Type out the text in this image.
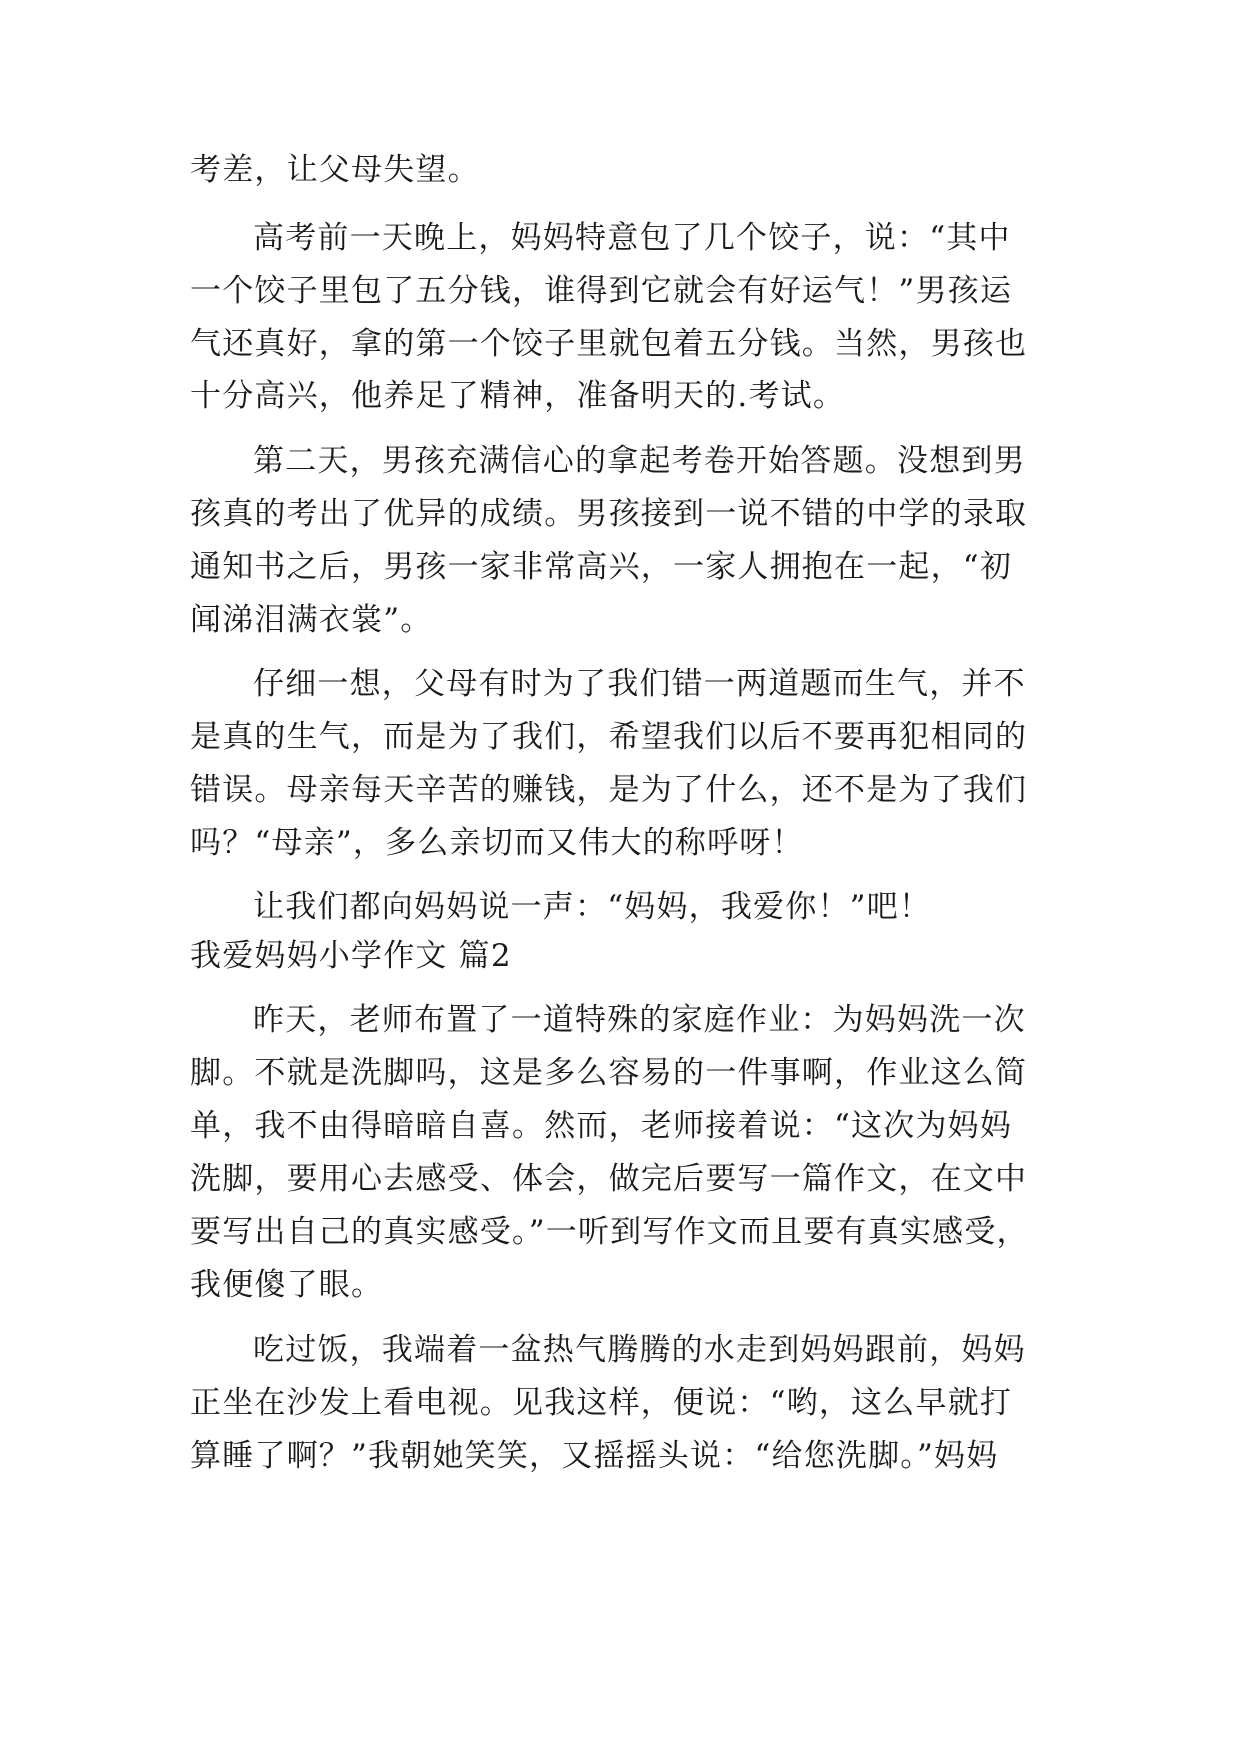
考差，让父母失望。
高考前一天晚上，妈妈特意包了几个饺子，说：“其中
一个饺子里包了五分钱，谁得到它就会有好运气！”男孩运
气还真好，拿的第一个饺子里就包着五分钱。当然，男孩也
十分高兴，他养足了精神，准备明天的.考试。
第二天，男孩充满信心的拿起考卷开始答题。没想到男
孩真的考出了优异的成绩。男孩接到一说不错的中学的录取
通知书之后，男孩一家非常高兴，一家人拥抱在一起，“初
闻涕泪满衣裳”。
仔细一想，父母有时为了我们错一两道题而生气，并不
是真的生气，而是为了我们，希望我们以后不要再犯相同的
错误。母亲每天辛苦的赚钱，是为了什么，还不是为了我们
吗？“母亲”，多么亲切而又伟大的称呼呀！
让我们都向妈妈说一声：“妈妈，我爱你！”吧！
我爱妈妈小学作文 篇2
昨天，老师布置了一道特殊的家庭作业：为妈妈洗一次
脚。不就是洗脚吗，这是多么容易的一件事啊，作业这么简
单，我不由得暗暗自喜。然而，老师接着说：“这次为妈妈
洗脚，要用心去感受、体会，做完后要写一篇作文，在文中
要写出自己的真实感受。”一听到写作文而且要有真实感受，
我便傻了眼。
吃过饭，我端着一盆热气腾腾的水走到妈妈跟前，妈妈
正坐在沙发上看电视。见我这样，便说：“哟，这么早就打
算睡了啊？”我朝她笑笑，又摇摇头说：“给您洗脚。”妈妈
